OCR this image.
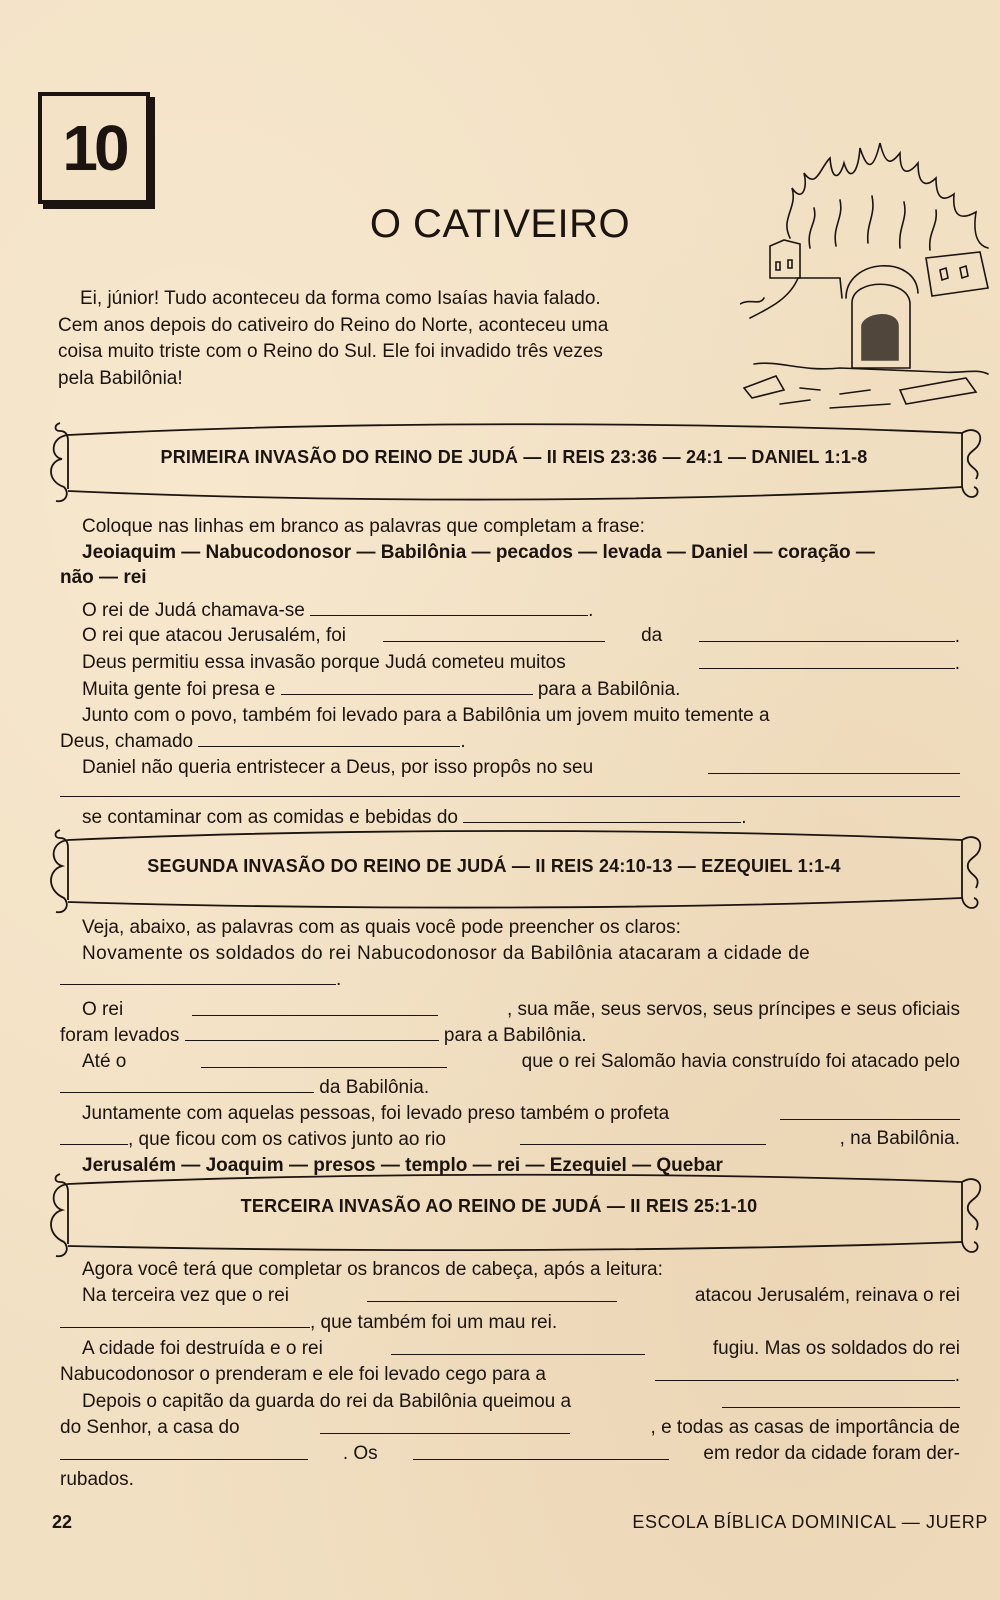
10
O CATIVEIRO
Ei, júnior! Tudo aconteceu da forma como Isaías havia falado.
Cem anos depois do cativeiro do Reino do Norte, aconteceu uma
coisa muito triste com o Reino do Sul. Ele foi invadido três vezes
pela Babilônia!
PRIMEIRA INVASÃO DO REINO DE JUDÁ — II REIS 23:36 — 24:1 — DANIEL 1:1-8
Coloque nas linhas em branco as palavras que completam a frase:
Jeoiaquim — Nabucodonosor — Babilônia — pecados — levada — Daniel — coração —
não — rei
O rei de Judá chamava-se	.
O rei que atacou Jerusalém, foi	da	.
Deus permitiu essa invasão porque Judá cometeu muitos	.
Muita gente foi presa e	para a Babilônia.
Junto com o povo, também foi levado para a Babilônia um jovem muito temente a
Deus, chamado	.
Daniel não queria entristecer a Deus, por isso propôs no seu
se contaminar com as comidas e bebidas do	.
SEGUNDA INVASÃO DO REINO DE JUDÁ — II REIS 24:10-13 — EZEQUIEL 1:1-4
Veja, abaixo, as palavras com as quais você pode preencher os claros:
Novamente os soldados do rei Nabucodonosor da Babilônia atacaram a cidade de
.
O rei	, sua mãe, seus servos, seus príncipes e seus oficiais
foram levados	para a Babilônia.
Até o	que o rei Salomão havia construído foi atacado pelo
da Babilônia.
Juntamente com aquelas pessoas, foi levado preso também o profeta
, que ficou com os cativos junto ao rio	, na Babilônia.
Jerusalém — Joaquim — presos — templo — rei — Ezequiel — Quebar
TERCEIRA INVASÃO AO REINO DE JUDÁ — II REIS 25:1-10
Agora você terá que completar os brancos de cabeça, após a leitura:
Na terceira vez que o rei	atacou Jerusalém, reinava o rei
, que também foi um mau rei.
A cidade foi destruída e o rei	fugiu. Mas os soldados do rei
Nabucodonosor o prenderam e ele foi levado cego para a	.
Depois o capitão da guarda do rei da Babilônia queimou a
do Senhor, a casa do	, e todas as casas de importância de
. Os	em redor da cidade foram der-
rubados.
22	ESCOLA BÍBLICA DOMINICAL — JUERP
